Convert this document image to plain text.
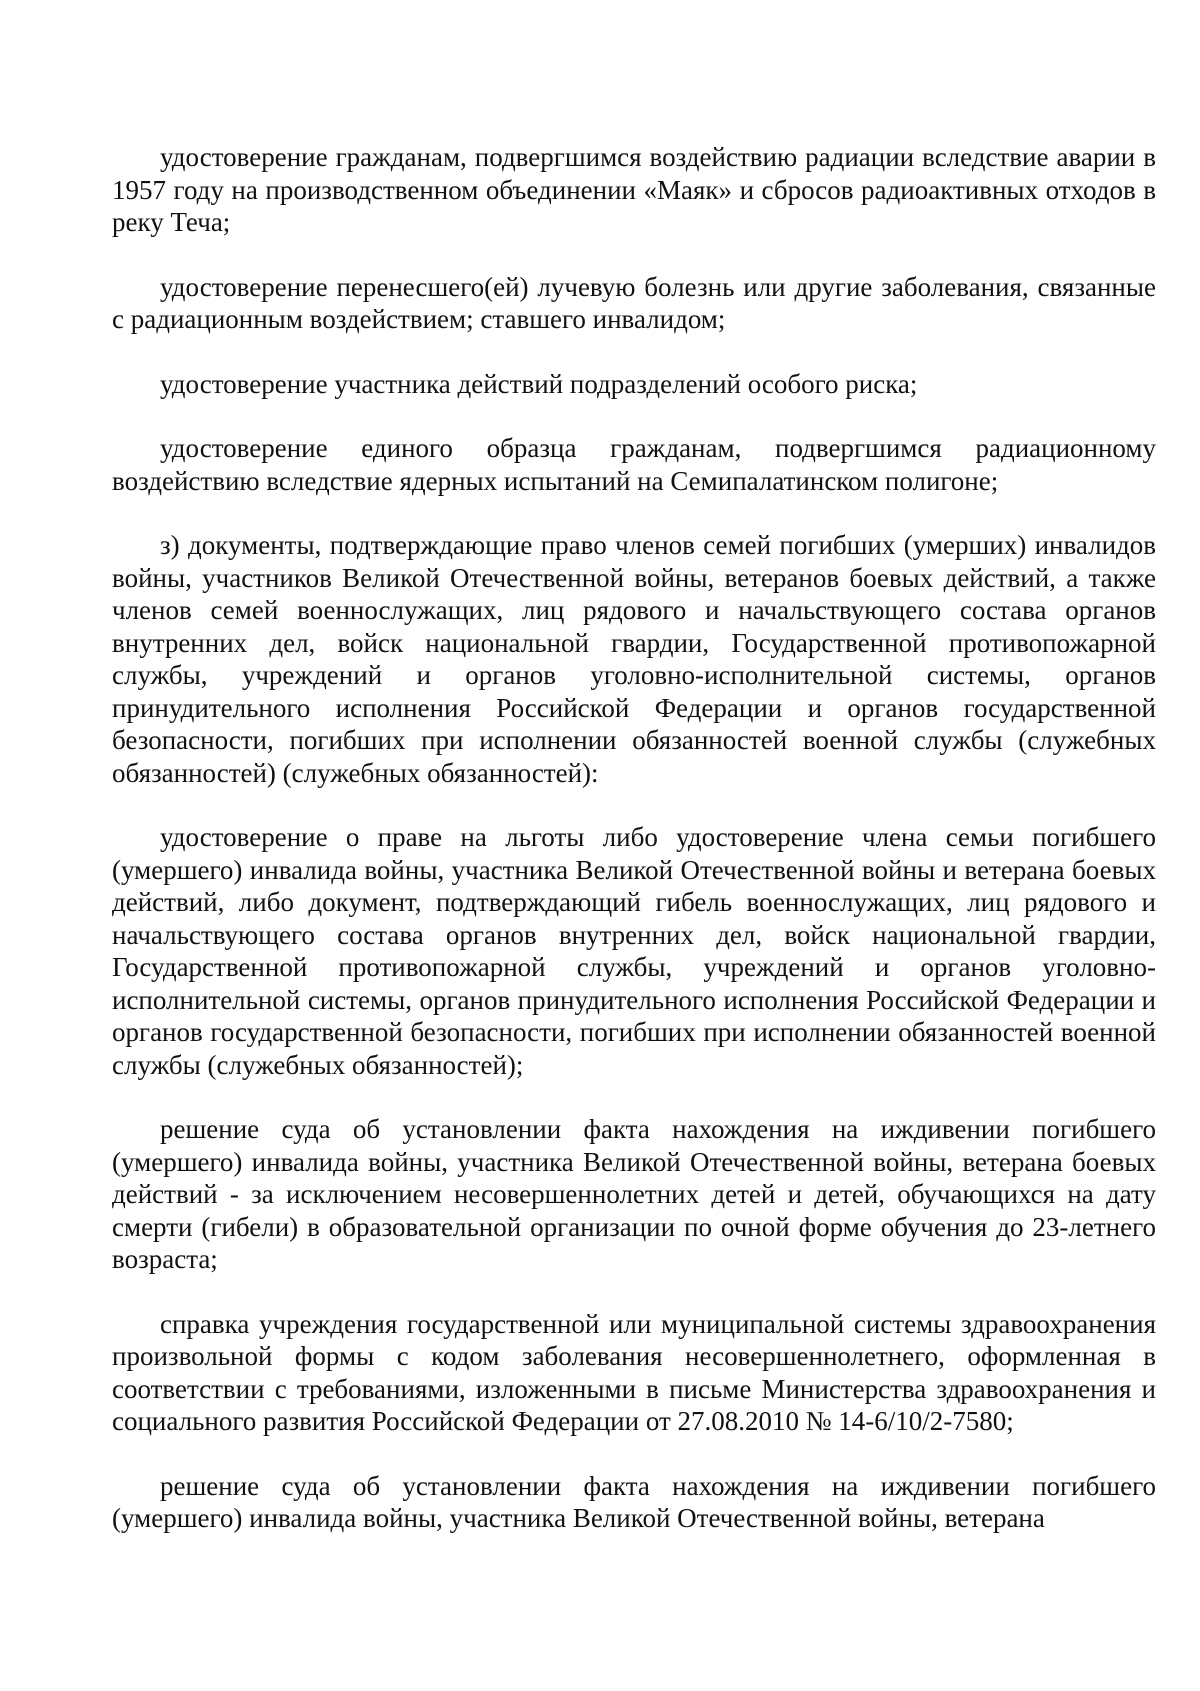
удостоверение гражданам, подвергшимся воздействию радиации вследствие аварии в 1957 году на производственном объединении «Маяк» и сбросов радиоактивных отходов в реку Теча;

удостоверение перенесшего(ей) лучевую болезнь или другие заболевания, связанные с радиационным воздействием; ставшего инвалидом;

удостоверение участника действий подразделений особого риска;

удостоверение единого образца гражданам, подвергшимся радиационному воздействию вследствие ядерных испытаний на Семипалатинском полигоне;

з) документы, подтверждающие право членов семей погибших (умерших) инвалидов войны, участников Великой Отечественной войны, ветеранов боевых действий, а также членов семей военнослужащих, лиц рядового и начальствующего состава органов внутренних дел, войск национальной гвардии, Государственной противопожарной службы, учреждений и органов уголовно-исполнительной системы, органов принудительного исполнения Российской Федерации и органов государственной безопасности, погибших при исполнении обязанностей военной службы (служебных обязанностей) (служебных обязанностей):

удостоверение о праве на льготы либо удостоверение члена семьи погибшего (умершего) инвалида войны, участника Великой Отечественной войны и ветерана боевых действий, либо документ, подтверждающий гибель военнослужащих, лиц рядового и начальствующего состава органов внутренних дел, войск национальной гвардии, Государственной противопожарной службы, учреждений и органов уголовно-исполнительной системы, органов принудительного исполнения Российской Федерации и органов государственной безопасности, погибших при исполнении обязанностей военной службы (служебных обязанностей);

решение суда об установлении факта нахождения на иждивении погибшего (умершего) инвалида войны, участника Великой Отечественной войны, ветерана боевых действий - за исключением несовершеннолетних детей и детей, обучающихся на дату смерти (гибели) в образовательной организации по очной форме обучения до 23-летнего возраста;

справка учреждения государственной или муниципальной системы здравоохранения произвольной формы с кодом заболевания несовершеннолетнего, оформленная в соответствии с требованиями, изложенными в письме Министерства здравоохранения и социального развития Российской Федерации от 27.08.2010 № 14-6/10/2-7580;

решение суда об установлении факта нахождения на иждивении погибшего (умершего) инвалида войны, участника Великой Отечественной войны, ветерана
